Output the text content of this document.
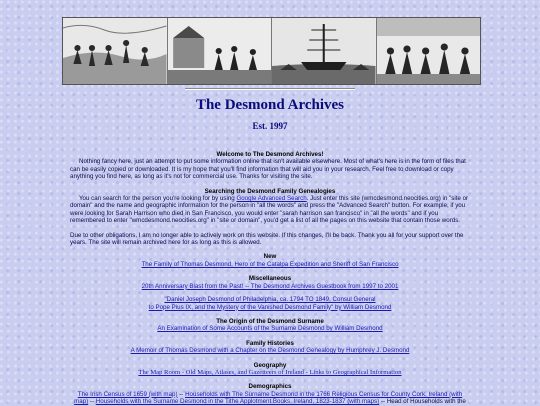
The Desmond Archives
Est. 1997

Welcome to The Desmond Archives!

Nothing fancy here, just an attempt to put some information online that isn't available elsewhere. Most of what's here is in the form of files that can be easily copied or downloaded. It is my hope that you'll find information that will aid you in your research. Feel free to download or copy anything you find here, as long as it's not for commercial use. Thanks for visiting the site.

Searching the Desmond Family Genealogies

You can search for the person you're looking for by using Google Advanced Search. Just enter this site (wmcdesmond.neocities.org) in "site or domain" and the name and geographic information for the person in "all the words" and press the "Advanced Search" button. For example, if you were looking for Sarah Harrison who died in San Francisco, you would enter "sarah harrison san francisco" in "all the words" and if you remembered to enter "wmcdesmond.neocities.org" in "site or domain", you'd get a list of all the pages on this website that contain those words.

Due to other obligations, I am no longer able to actively work on this website. If this changes, I'll be back. Thank you all for your support over the years. The site will remain archived here for as long as this is allowed.

New

The Family of Thomas Desmond, Hero of the Catalpa Expedition and Sheriff of San Francisco

Miscellaneous

20th Anniversary Blast from the Past! -- The Desmond Archives Guestbook from 1997 to 2001

"Daniel Joseph Desmond of Philadelphia, ca. 1794 TO 1849, Consul General

to Pope Pius IX, and the Mystery of the Vanished Desmond Family" by William Desmond

The Origin of the Desmond Surname

An Examination of Some Accounts of the Surname Desmond by William Desmond

Family Histories

A Memoir of Thomas Desmond with a Chapter on the Desmond Genealogy by Humphrey J. Desmond

Geography

The Map Room - Old Maps, Atlases, and Gazetteers of Ireland - Links to Geographical Information

Demographics

The Irish Census of 1659 (with map) -- Households with The Surname Desmond in the 1766 Religious Census for County Cork, Ireland (with

map) -- Households with the Surname Desmond in the Tithe Applotment Books, Ireland, 1823-1837 (with maps) -- Head of Households with the
